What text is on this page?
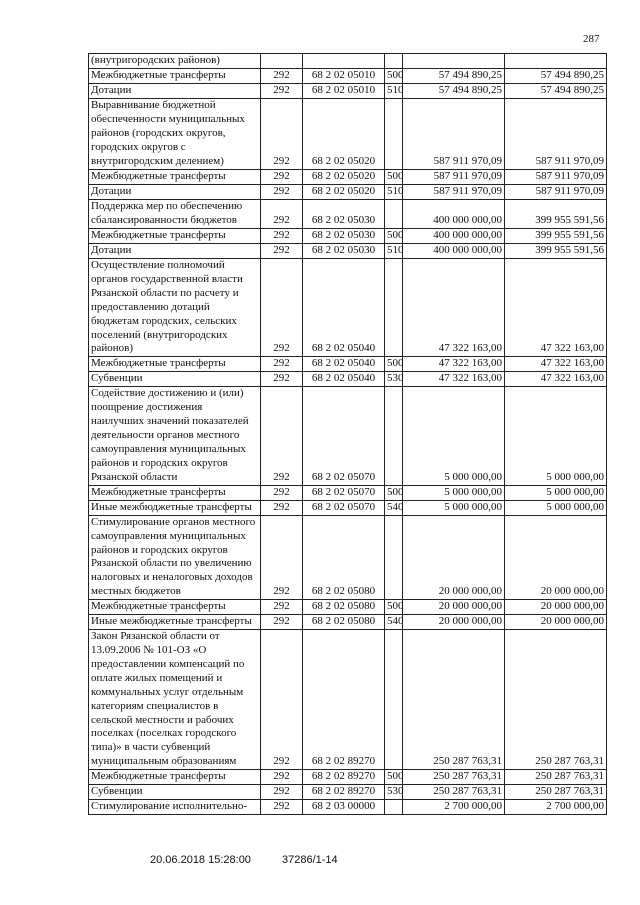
287
(внутригородских районов)					
Межбюджетные трансферты	292	68 2 02 05010	500	57 494 890,25	57 494 890,25
Дотации	292	68 2 02 05010	510	57 494 890,25	57 494 890,25
Выравнивание бюджетной обеспеченности муниципальных районов (городских округов, городских округов с внутригородским делением)	292	68 2 02 05020		587 911 970,09	587 911 970,09
Межбюджетные трансферты	292	68 2 02 05020	500	587 911 970,09	587 911 970,09
Дотации	292	68 2 02 05020	510	587 911 970,09	587 911 970,09
Поддержка мер по обеспечению сбалансированности бюджетов	292	68 2 02 05030		400 000 000,00	399 955 591,56
Межбюджетные трансферты	292	68 2 02 05030	500	400 000 000,00	399 955 591,56
Дотации	292	68 2 02 05030	510	400 000 000,00	399 955 591,56
Осуществление полномочий органов государственной власти Рязанской области по расчету и предоставлению дотаций бюджетам городских, сельских поселений (внутригородских районов)	292	68 2 02 05040		47 322 163,00	47 322 163,00
Межбюджетные трансферты	292	68 2 02 05040	500	47 322 163,00	47 322 163,00
Субвенции	292	68 2 02 05040	530	47 322 163,00	47 322 163,00
Содействие достижению и (или) поощрение достижения наилучших значений показателей деятельности органов местного самоуправления муниципальных районов и городских округов Рязанской области	292	68 2 02 05070		5 000 000,00	5 000 000,00
Межбюджетные трансферты	292	68 2 02 05070	500	5 000 000,00	5 000 000,00
Иные межбюджетные трансферты	292	68 2 02 05070	540	5 000 000,00	5 000 000,00
Стимулирование органов местного самоуправления муниципальных районов и городских округов Рязанской области по увеличению налоговых и неналоговых доходов местных бюджетов	292	68 2 02 05080		20 000 000,00	20 000 000,00
Межбюджетные трансферты	292	68 2 02 05080	500	20 000 000,00	20 000 000,00
Иные межбюджетные трансферты	292	68 2 02 05080	540	20 000 000,00	20 000 000,00
Закон Рязанской области от 13.09.2006 № 101-ОЗ «О предоставлении компенсаций по оплате жилых помещений и коммунальных услуг отдельным категориям специалистов в сельской местности и рабочих поселках (поселках городского типа)» в части субвенций муниципальным образованиям	292	68 2 02 89270		250 287 763,31	250 287 763,31
Межбюджетные трансферты	292	68 2 02 89270	500	250 287 763,31	250 287 763,31
Субвенции	292	68 2 02 89270	530	250 287 763,31	250 287 763,31
Стимулирование исполнительно-	292	68 2 03 00000		2 700 000,00	2 700 000,00
20.06.2018 15:28:00	37286/1-14
